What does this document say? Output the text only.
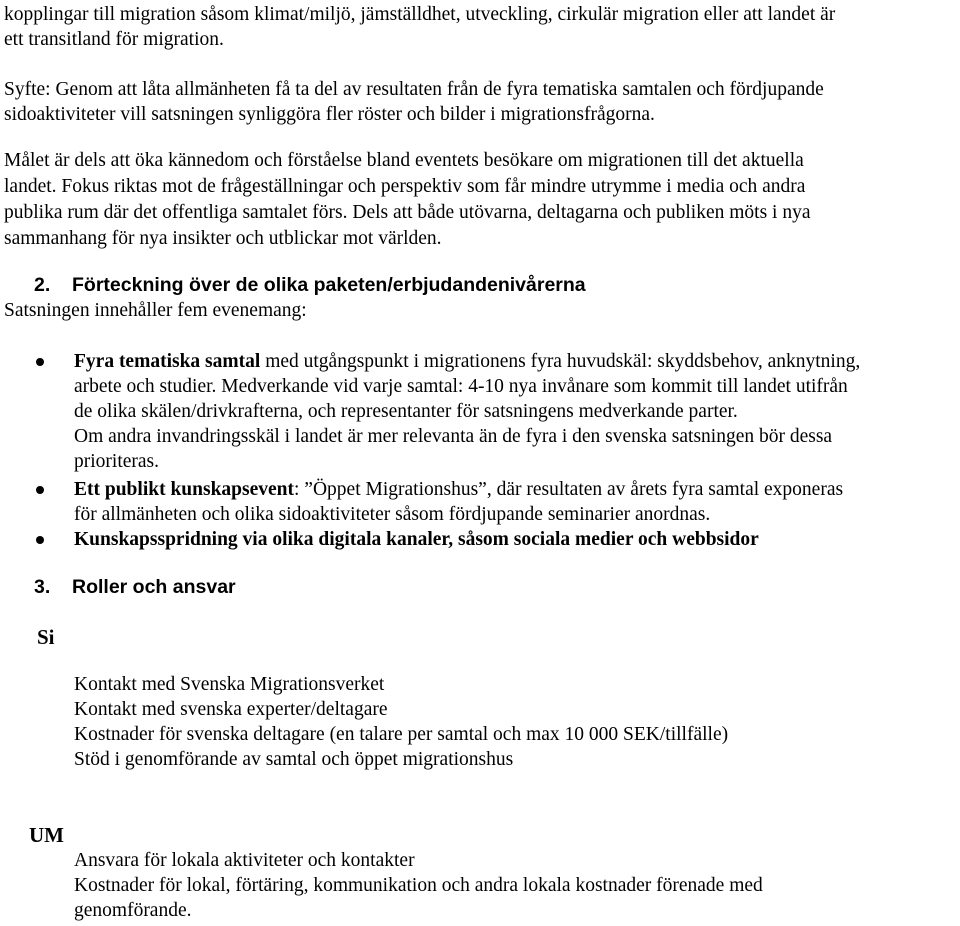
kopplingar till migration såsom klimat/miljö, jämställdhet, utveckling, cirkulär migration eller att landet är
ett transitland för migration.
Syfte: Genom att låta allmänheten få ta del av resultaten från de fyra tematiska samtalen och fördjupande
sidoaktiviteter vill satsningen synliggöra fler röster och bilder i migrationsfrågorna.
Målet är dels att öka kännedom och förståelse bland eventets besökare om migrationen till det aktuella
landet. Fokus riktas mot de frågeställningar och perspektiv som får mindre utrymme i media och andra
publika rum där det offentliga samtalet förs. Dels att både utövarna, deltagarna och publiken möts i nya
sammanhang för nya insikter och utblickar mot världen.
2. Förteckning över de olika paketen/erbjudandenivårerna
Satsningen innehåller fem evenemang:
Fyra tematiska samtal med utgångspunkt i migrationens fyra huvudskäl: skyddsbehov, anknytning,
arbete och studier. Medverkande vid varje samtal: 4-10 nya invånare som kommit till landet utifrån
de olika skälen/drivkrafterna, och representanter för satsningens medverkande parter.
Om andra invandringsskäl i landet är mer relevanta än de fyra i den svenska satsningen bör dessa
prioriteras.
Ett publikt kunskapsevent: ”Öppet Migrationshus”, där resultaten av årets fyra samtal exponeras
för allmänheten och olika sidoaktiviteter såsom fördjupande seminarier anordnas.
Kunskapsspridning via olika digitala kanaler, såsom sociala medier och webbsidor
3. Roller och ansvar
Si
Kontakt med Svenska Migrationsverket
Kontakt med svenska experter/deltagare
Kostnader för svenska deltagare (en talare per samtal och max 10 000 SEK/tillfälle)
Stöd i genomförande av samtal och öppet migrationshus
UM
Ansvara för lokala aktiviteter och kontakter
Kostnader för lokal, förtäring, kommunikation och andra lokala kostnader förenade med
genomförande.
